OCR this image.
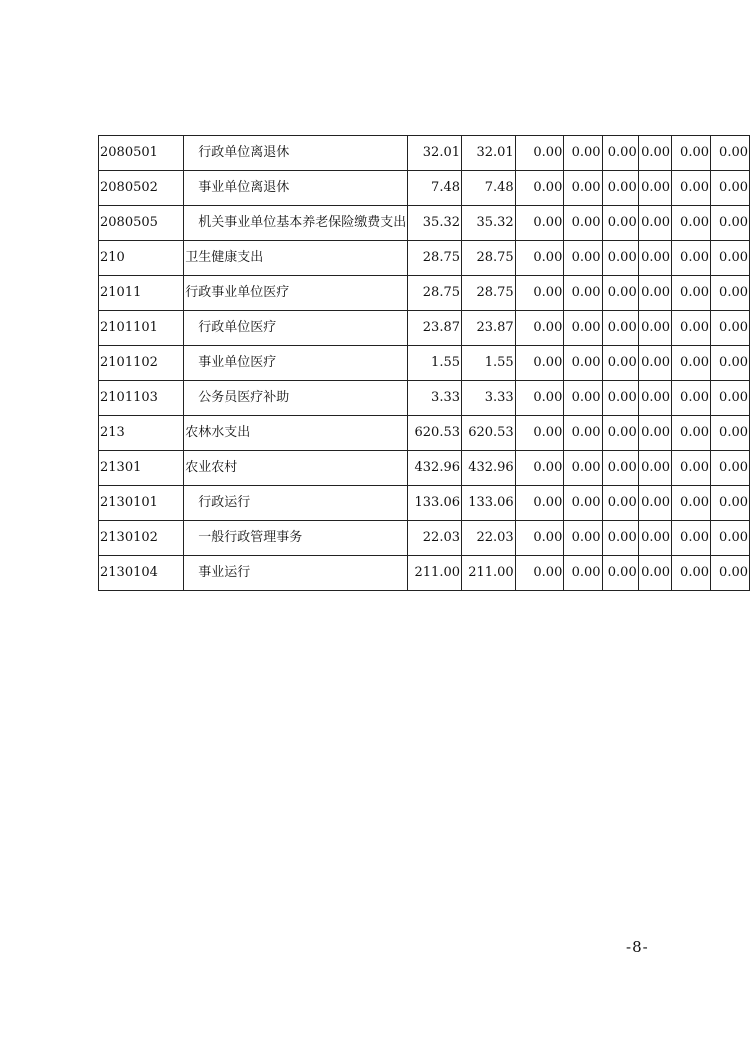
2080501	行政单位离退休	32.01	32.01	0.00	0.00	0.00	0.00	0.00	0.00
2080502	事业单位离退休	7.48	7.48	0.00	0.00	0.00	0.00	0.00	0.00
2080505	机关事业单位基本养老保险缴费支出	35.32	35.32	0.00	0.00	0.00	0.00	0.00	0.00
210	卫生健康支出	28.75	28.75	0.00	0.00	0.00	0.00	0.00	0.00
21011	行政事业单位医疗	28.75	28.75	0.00	0.00	0.00	0.00	0.00	0.00
2101101	行政单位医疗	23.87	23.87	0.00	0.00	0.00	0.00	0.00	0.00
2101102	事业单位医疗	1.55	1.55	0.00	0.00	0.00	0.00	0.00	0.00
2101103	公务员医疗补助	3.33	3.33	0.00	0.00	0.00	0.00	0.00	0.00
213	农林水支出	620.53	620.53	0.00	0.00	0.00	0.00	0.00	0.00
21301	农业农村	432.96	432.96	0.00	0.00	0.00	0.00	0.00	0.00
2130101	行政运行	133.06	133.06	0.00	0.00	0.00	0.00	0.00	0.00
2130102	一般行政管理事务	22.03	22.03	0.00	0.00	0.00	0.00	0.00	0.00
2130104	事业运行	211.00	211.00	0.00	0.00	0.00	0.00	0.00	0.00
-8-
